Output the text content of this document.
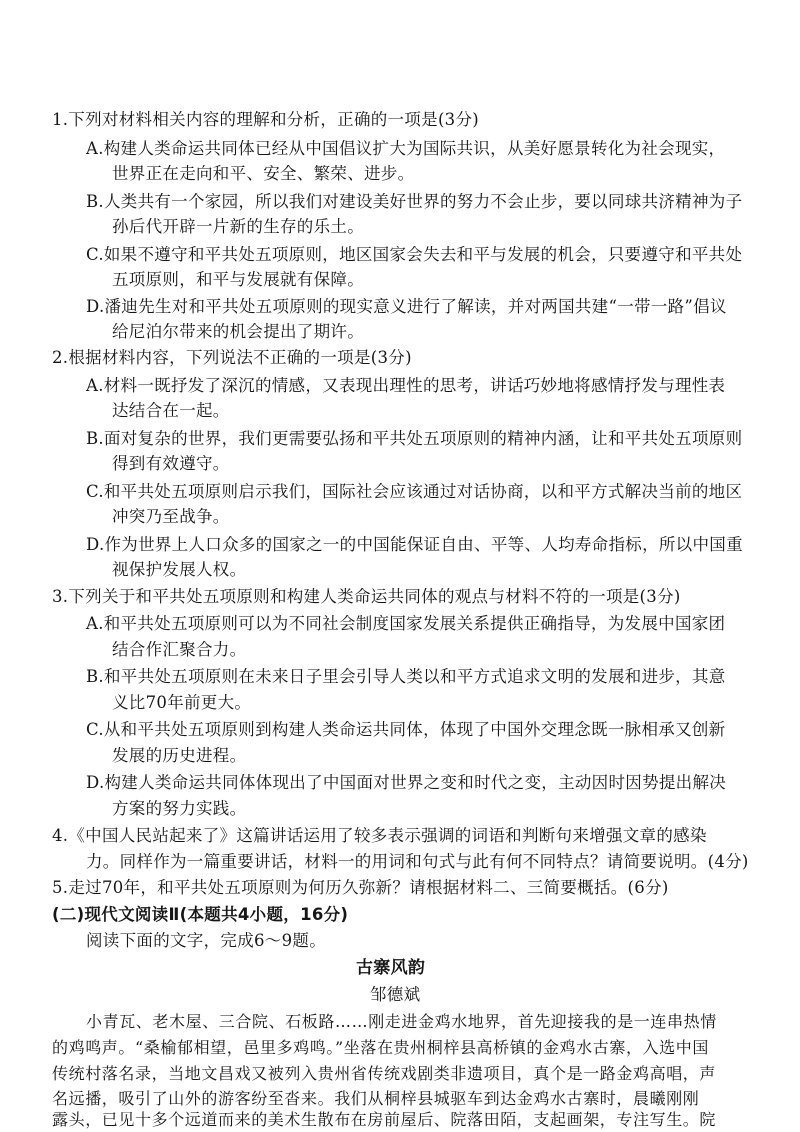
1.下列对材料相关内容的理解和分析，正确的一项是(3分)
A.构建人类命运共同体已经从中国倡议扩大为国际共识，从美好愿景转化为社会现实，
世界正在走向和平、安全、繁荣、进步。
B.人类共有一个家园，所以我们对建设美好世界的努力不会止步，要以同球共济精神为子
孙后代开辟一片新的生存的乐土。
C.如果不遵守和平共处五项原则，地区国家会失去和平与发展的机会，只要遵守和平共处
五项原则，和平与发展就有保障。
D.潘迪先生对和平共处五项原则的现实意义进行了解读，并对两国共建“一带一路”倡议
给尼泊尔带来的机会提出了期许。
2.根据材料内容，下列说法不正确的一项是(3分)
A.材料一既抒发了深沉的情感，又表现出理性的思考，讲话巧妙地将感情抒发与理性表
达结合在一起。
B.面对复杂的世界，我们更需要弘扬和平共处五项原则的精神内涵，让和平共处五项原则
得到有效遵守。
C.和平共处五项原则启示我们，国际社会应该通过对话协商，以和平方式解决当前的地区
冲突乃至战争。
D.作为世界上人口众多的国家之一的中国能保证自由、平等、人均寿命指标，所以中国重
视保护发展人权。
3.下列关于和平共处五项原则和构建人类命运共同体的观点与材料不符的一项是(3分)
A.和平共处五项原则可以为不同社会制度国家发展关系提供正确指导，为发展中国家团
结合作汇聚合力。
B.和平共处五项原则在未来日子里会引导人类以和平方式追求文明的发展和进步，其意
义比70年前更大。
C.从和平共处五项原则到构建人类命运共同体，体现了中国外交理念既一脉相承又创新
发展的历史进程。
D.构建人类命运共同体体现出了中国面对世界之变和时代之变，主动因时因势提出解决
方案的努力实践。
4.《中国人民站起来了》这篇讲话运用了较多表示强调的词语和判断句来增强文章的感染
力。同样作为一篇重要讲话，材料一的用词和句式与此有何不同特点？请简要说明。(4分)
5.走过70年，和平共处五项原则为何历久弥新？请根据材料二、三简要概括。(6分)
(二)现代文阅读Ⅱ(本题共4小题，16分)
阅读下面的文字，完成6～9题。
古寨风韵
邹德斌
小青瓦、老木屋、三合院、石板路……刚走进金鸡水地界，首先迎接我的是一连串热情
的鸡鸣声。“桑榆郁相望，邑里多鸡鸣。”坐落在贵州桐梓县高桥镇的金鸡水古寨，入选中国
传统村落名录，当地文昌戏又被列入贵州省传统戏剧类非遗项目，真个是一路金鸡高唱，声
名远播，吸引了山外的游客纷至沓来。我们从桐梓县城驱车到达金鸡水古寨时，晨曦刚刚
露头，已见十多个远道而来的美术生散布在房前屋后、院落田陌，支起画架，专注写生。院
